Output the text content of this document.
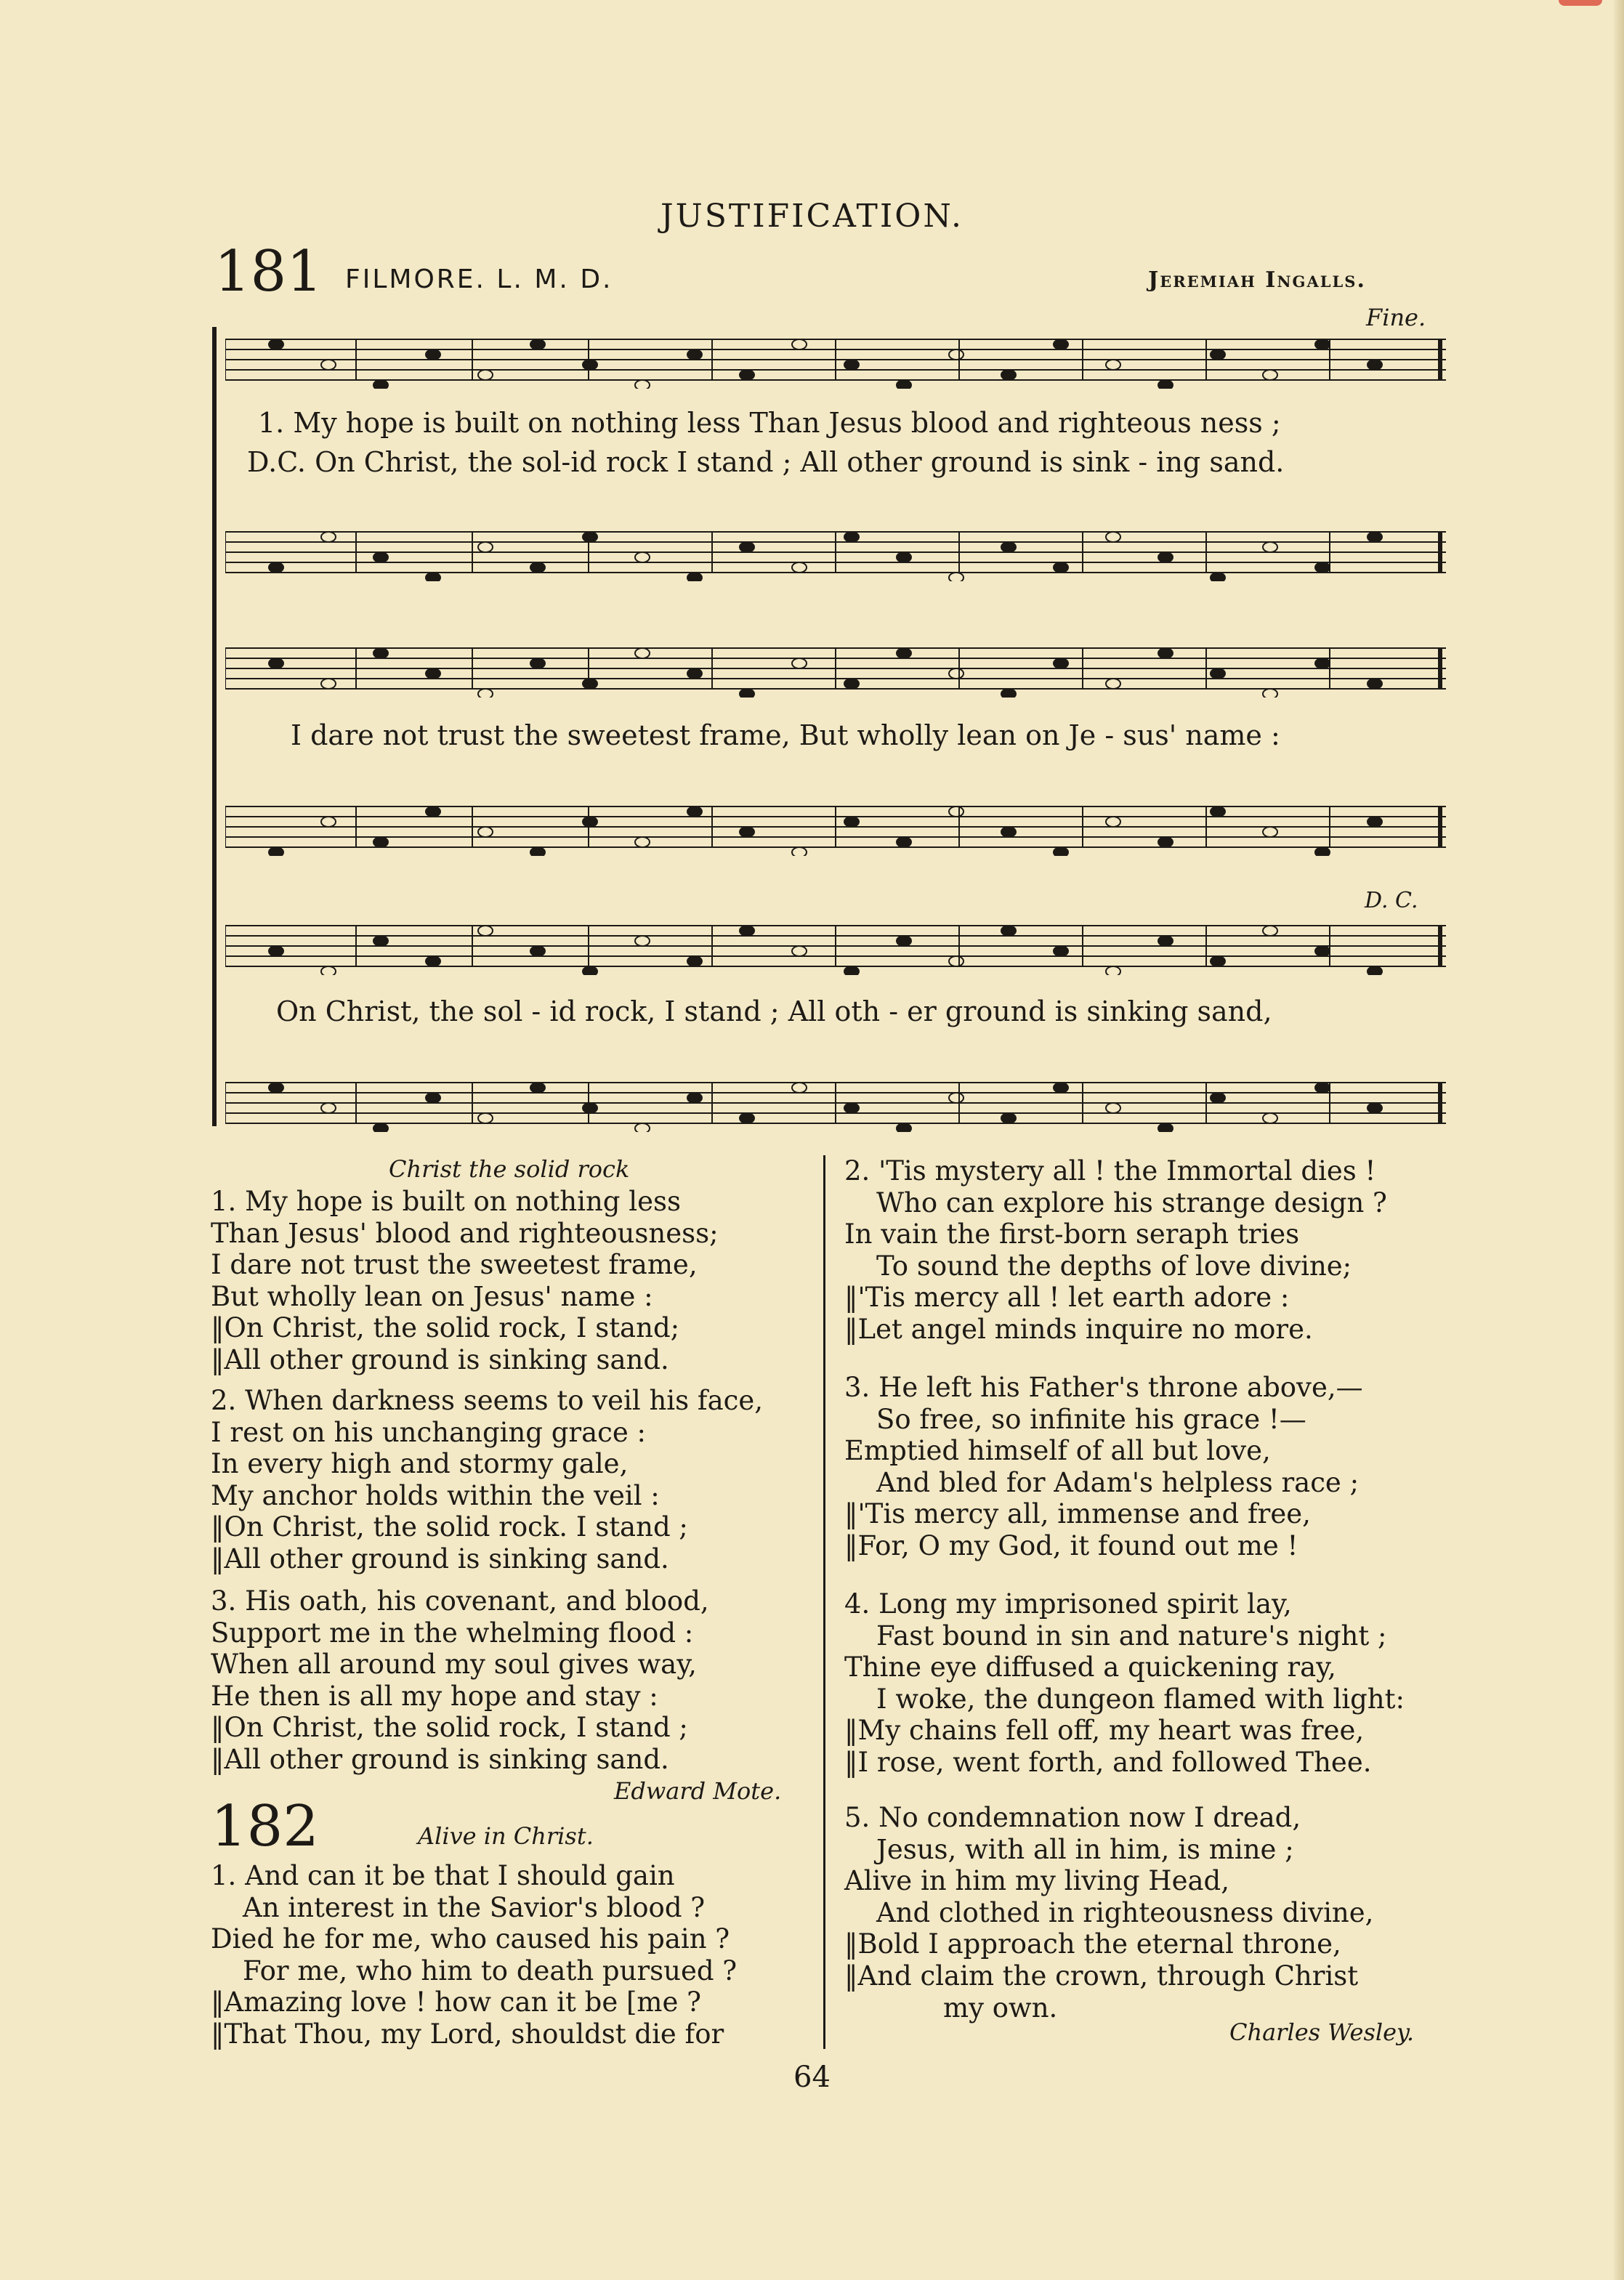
JUSTIFICATION.
181 FILMORE. L. M. D.	Jeremiah Ingalls.
Fine.
D. C.
1. My hope is built on nothing less Than Jesus blood and righteous ness ;
D.C. On Christ, the sol-id rock I stand ; All other ground is sink - ing sand.
I dare not trust the sweetest frame, But wholly lean on Je - sus' name :
On Christ, the sol - id rock, I stand ; All oth - er ground is sinking sand,
Christ the solid rock
1. My hope is built on nothing less
Than Jesus' blood and righteousness;
I dare not trust the sweetest frame,
But wholly lean on Jesus' name :
‖On Christ, the solid rock, I stand;
‖All other ground is sinking sand.
2. When darkness seems to veil his face,
I rest on his unchanging grace :
In every high and stormy gale,
My anchor holds within the veil :
‖On Christ, the solid rock. I stand ;
‖All other ground is sinking sand.
3. His oath, his covenant, and blood,
Support me in the whelming flood :
When all around my soul gives way,
He then is all my hope and stay :
‖On Christ, the solid rock, I stand ;
‖All other ground is sinking sand.
Edward Mote.
182	Alive in Christ.
1. And can it be that I should gain
An interest in the Savior's blood ?
Died he for me, who caused his pain ?
For me, who him to death pursued ?
‖Amazing love ! how can it be [me ?
‖That Thou, my Lord, shouldst die for
2. 'Tis mystery all ! the Immortal dies !
Who can explore his strange design ?
In vain the first-born seraph tries
To sound the depths of love divine;
‖'Tis mercy all ! let earth adore :
‖Let angel minds inquire no more.
3. He left his Father's throne above,—
So free, so infinite his grace !—
Emptied himself of all but love,
And bled for Adam's helpless race ;
‖'Tis mercy all, immense and free,
‖For, O my God, it found out me !
4. Long my imprisoned spirit lay,
Fast bound in sin and nature's night ;
Thine eye diffused a quickening ray,
I woke, the dungeon flamed with light:
‖My chains fell off, my heart was free,
‖I rose, went forth, and followed Thee.
5. No condemnation now I dread,
Jesus, with all in him, is mine ;
Alive in him my living Head,
And clothed in righteousness divine,
‖Bold I approach the eternal throne,
‖And claim the crown, through Christ
my own.
Charles Wesley.
64
